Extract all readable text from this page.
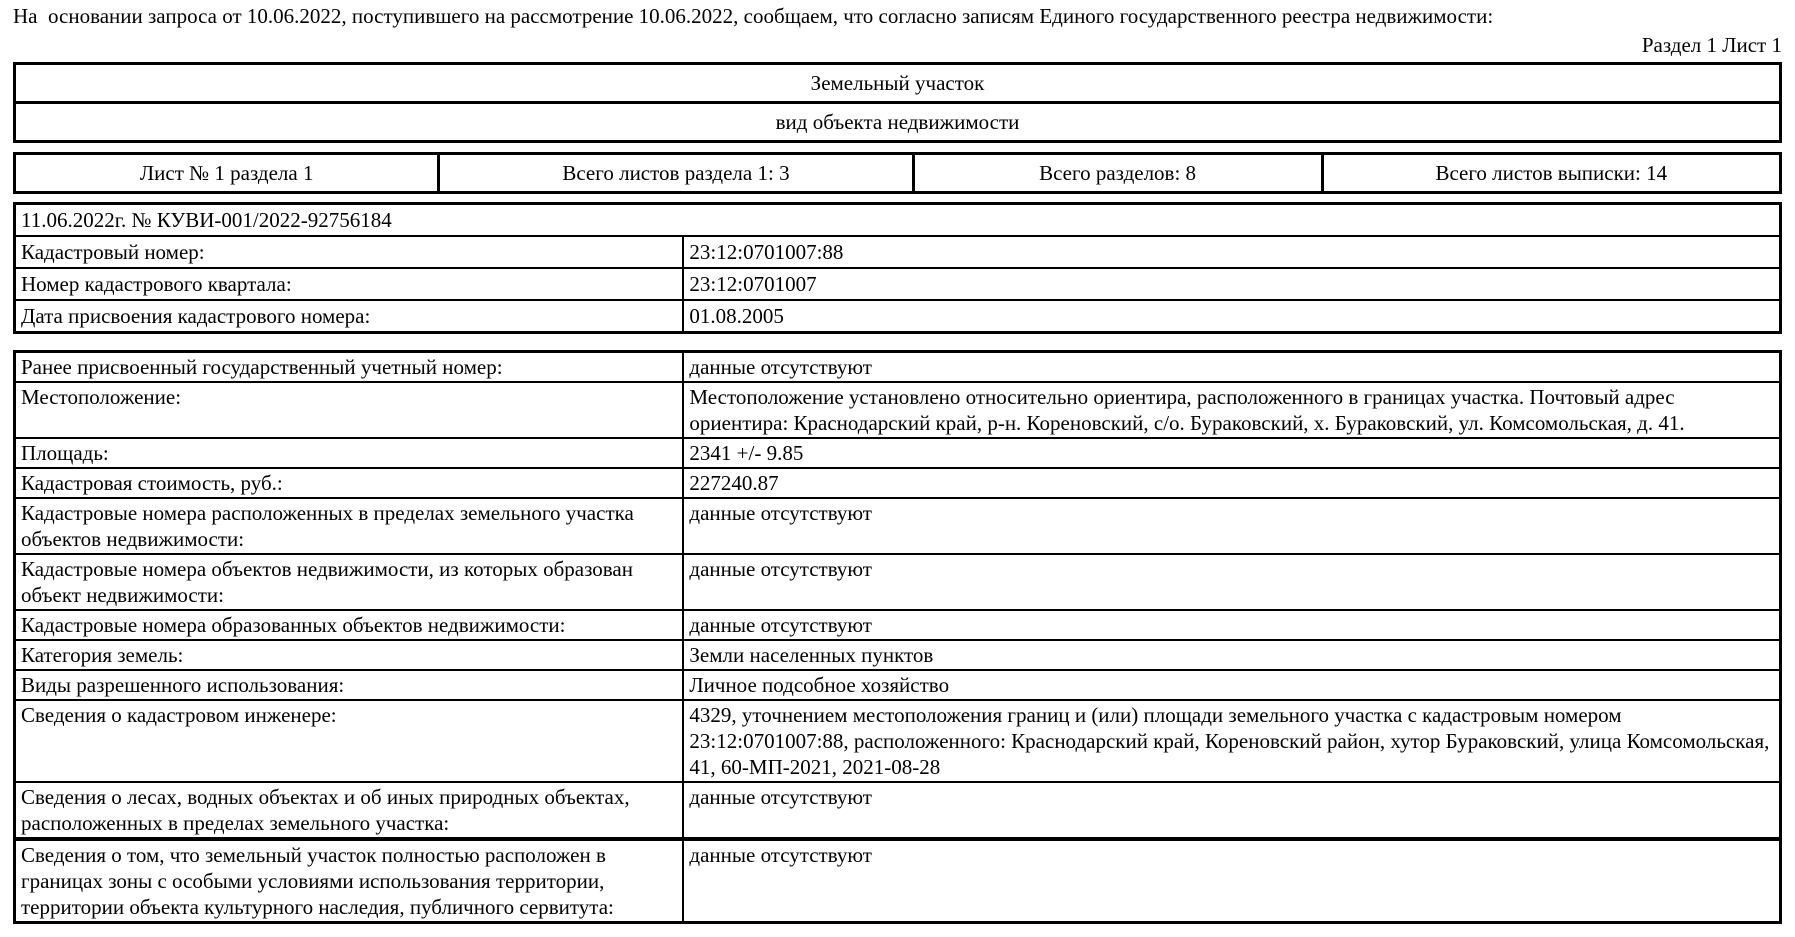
На  основании запроса от 10.06.2022, поступившего на рассмотрение 10.06.2022, сообщаем, что согласно записям Единого государственного реестра недвижимости:
Раздел 1 Лист 1
Земельный участок
вид объекта недвижимости
Лист № 1 раздела 1	Всего листов раздела 1: 3	Всего разделов: 8	Всего листов выписки: 14
11.06.2022г. № КУВИ-001/2022-92756184
Кадастровый номер:	23:12:0701007:88
Номер кадастрового квартала:	23:12:0701007
Дата присвоения кадастрового номера:	01.08.2005
Ранее присвоенный государственный учетный номер:	данные отсутствуют
Местоположение:	Местоположение установлено относительно ориентира, расположенного в границах участка. Почтовый адрес ориентира: Краснодарский край, р-н. Кореновский, с/о. Бураковский, х. Бураковский, ул. Комсомольская, д. 41.
Площадь:	2341 +/- 9.85
Кадастровая стоимость, руб.:	227240.87
Кадастровые номера расположенных в пределах земельного участка объектов недвижимости:
данные отсутствуют
Кадастровые номера объектов недвижимости, из которых образован объект недвижимости:
данные отсутствуют
Кадастровые номера образованных объектов недвижимости:	данные отсутствуют
Категория земель:	Земли населенных пунктов
Виды разрешенного использования:	Личное подсобное хозяйство
Сведения о кадастровом инженере:	4329, уточнением местоположения границ и (или) площади земельного участка с кадастровым номером 23:12:0701007:88, расположенного: Краснодарский край, Кореновский район, хутор Бураковский, улица Комсомольская, 41, 60-МП-2021, 2021-08-28
Сведения о лесах, водных объектах и об иных природных объектах, расположенных в пределах земельного участка:
данные отсутствуют
Сведения о том, что земельный участок полностью расположен в границах зоны с особыми условиями использования территории, территории объекта культурного наследия, публичного сервитута:
данные отсутствуют
